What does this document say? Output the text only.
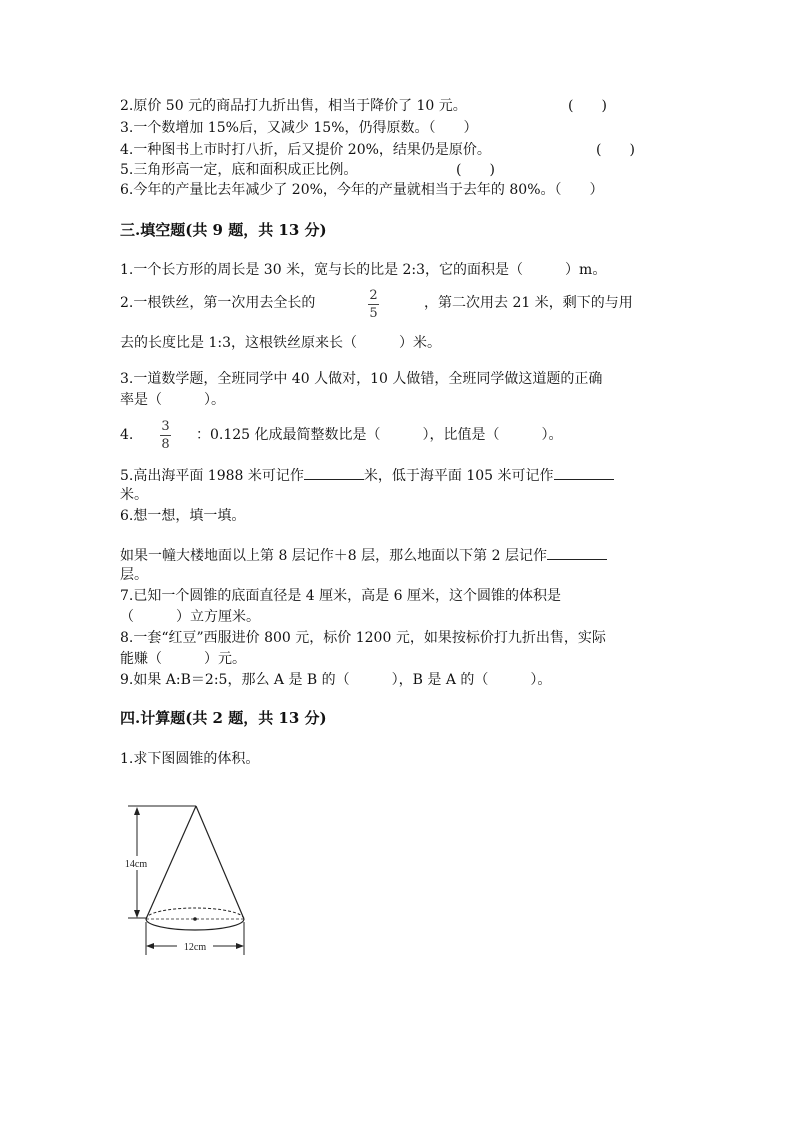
2.原价 50 元的商品打九折出售，相当于降价了 10 元。	(　　)
3.一个数增加 15%后，又减少 15%，仍得原数。（　　）
4.一种图书上市时打八折，后又提价 20%，结果仍是原价。	(　　)
5.三角形高一定，底和面积成正比例。	(　　)
6.今年的产量比去年减少了 20%，今年的产量就相当于去年的 80%。（　　）
三.填空题(共 9 题，共 13 分)
1.一个长方形的周长是 30 米，宽与长的比是 2:3，它的面积是（　　　）m。
2.一根铁丝，第一次用去全长的	2
5
，第二次用去 21 米，剩下的与用
去的长度比是 1:3，这根铁丝原来长（　　　）米。
3.一道数学题，全班同学中 40 人做对，10 人做错，全班同学做这道题的正确
率是（　　　）。
4.
3
8
：0.125 化成最简整数比是（　　　），比值是（　　　）。
5.高出海平面 1988 米可记作	米，低于海平面 105 米可记作
米。
6.想一想，填一填。
如果一幢大楼地面以上第 8 层记作＋8 层，那么地面以下第 2 层记作
层。
7.已知一个圆锥的底面直径是 4 厘米，高是 6 厘米，这个圆锥的体积是
（　　　）立方厘米。
8.一套“红豆”西服进价 800 元，标价 1200 元，如果按标价打九折出售，实际
能赚（　　　）元。
9.如果 A:B＝2:5，那么 A 是 B 的（　　　），B 是 A 的（　　　）。
四.计算题(共 2 题，共 13 分)
1.求下图圆锥的体积。
14cm
12cm
